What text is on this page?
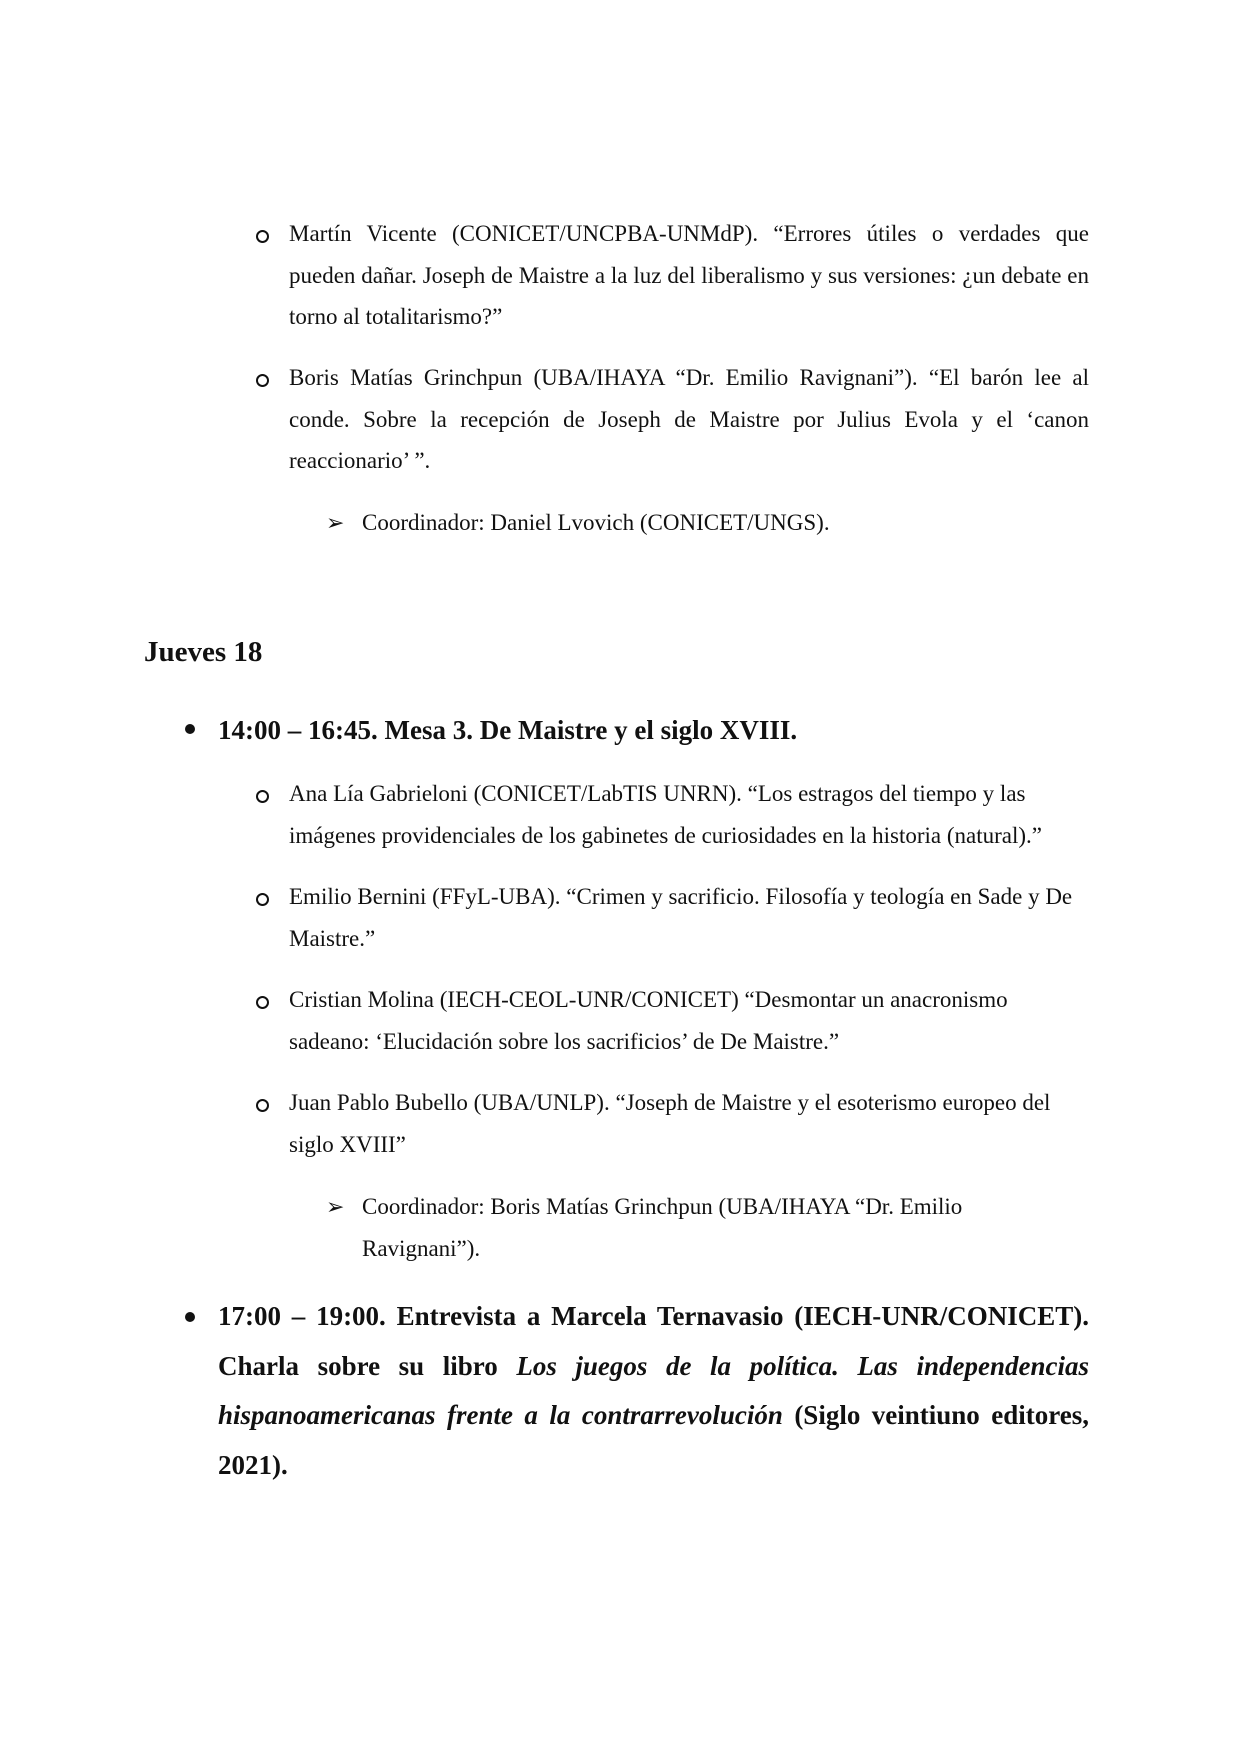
Martín Vicente (CONICET/UNCPBA-UNMdP). “Errores útiles o verdades que pueden dañar. Joseph de Maistre a la luz del liberalismo y sus versiones: ¿un debate en torno al totalitarismo?”
Boris Matías Grinchpun (UBA/IHAYA “Dr. Emilio Ravignani”). “El barón lee al conde. Sobre la recepción de Joseph de Maistre por Julius Evola y el ‘canon reaccionario’ ”.
➢ Coordinador: Daniel Lvovich (CONICET/UNGS).
Jueves 18
14:00 – 16:45. Mesa 3. De Maistre y el siglo XVIII.
Ana Lía Gabrieloni (CONICET/LabTIS UNRN). “Los estragos del tiempo y las imágenes providenciales de los gabinetes de curiosidades en la historia (natural).”
Emilio Bernini (FFyL-UBA). “Crimen y sacrificio. Filosofía y teología en Sade y De Maistre.”
Cristian Molina (IECH-CEOL-UNR/CONICET) “Desmontar un anacronismo sadeano: ‘Elucidación sobre los sacrificios’ de De Maistre.”
Juan Pablo Bubello (UBA/UNLP). “Joseph de Maistre y el esoterismo europeo del siglo XVIII”
➢ Coordinador: Boris Matías Grinchpun (UBA/IHAYA “Dr. Emilio Ravignani”).
17:00 – 19:00. Entrevista a Marcela Ternavasio (IECH-UNR/CONICET). Charla sobre su libro Los juegos de la política. Las independencias hispanoamericanas frente a la contrarrevolución (Siglo veintiuno editores, 2021).
